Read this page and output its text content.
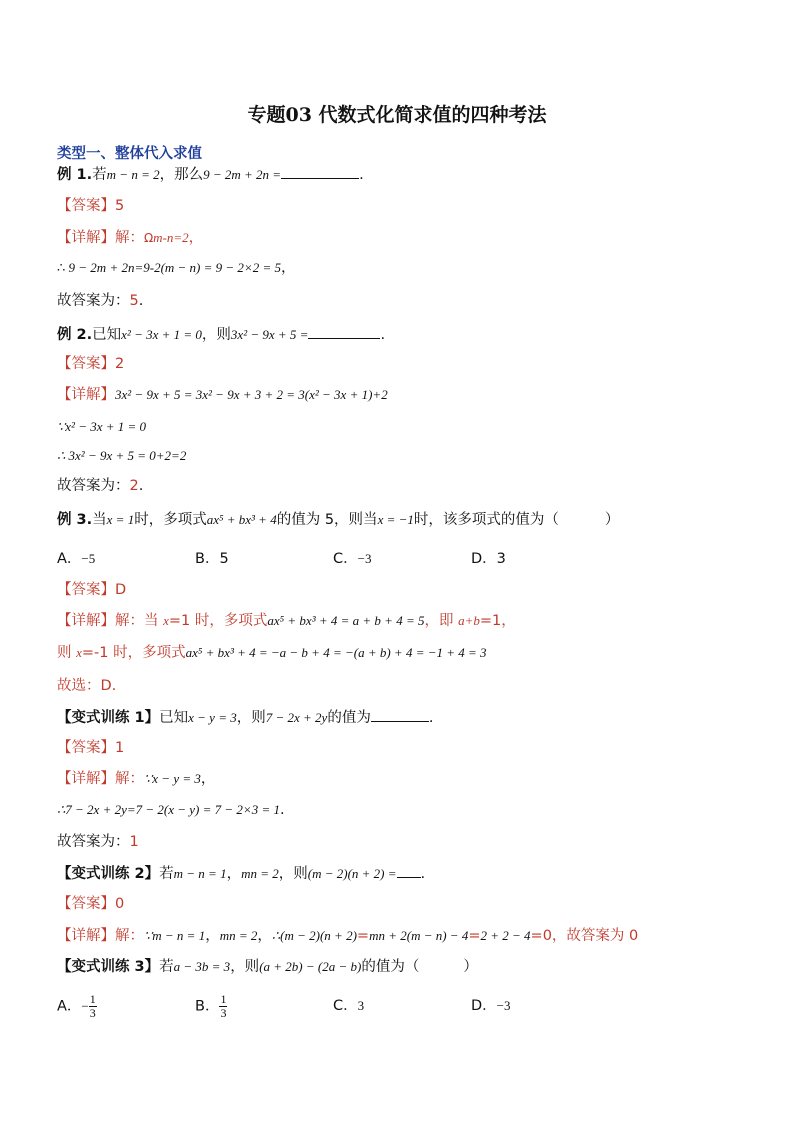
专题03 代数式化简求值的四种考法
类型一、整体代入求值
例 1.若m − n = 2，那么9 − 2m + 2n =	.
【答案】5
【详解】解：Ωm-n=2，
∴ 9 − 2m + 2n=9-2(m − n) = 9 − 2×2 = 5，
故答案为：5.
例 2.已知x² − 3x + 1 = 0，则3x² − 9x + 5 =	.
【答案】2
【详解】3x² − 9x + 5 = 3x² − 9x + 3 + 2 = 3(x² − 3x + 1)+2
∵x² − 3x + 1 = 0
∴ 3x² − 9x + 5 = 0+2=2
故答案为：2.
例 3.当x = 1时，多项式ax⁵ + bx³ + 4的值为 5，则当x = −1时，该多项式的值为（	）
A．−5	B．5	C．−3	D．3
【答案】D
【详解】解：当 x=1 时，多项式ax⁵ + bx³ + 4 = a + b + 4 = 5，即 a+b=1，
则 x=-1 时，多项式ax⁵ + bx³ + 4 = −a − b + 4 = −(a + b) + 4 = −1 + 4 = 3
故选：D.
【变式训练 1】已知x − y = 3，则7 − 2x + 2y的值为	.
【答案】1
【详解】解：∵x − y = 3，
∴7 − 2x + 2y=7 − 2(x − y) = 7 − 2×3 = 1.
故答案为：1
【变式训练 2】若m − n = 1，mn = 2，则(m − 2)(n + 2) = .
【答案】0
【详解】解：∵m − n = 1，mn = 2，∴(m − 2)(n + 2)=mn + 2(m − n) − 4=2 + 2 − 4=0，故答案为 0
【变式训练 3】若a − 3b = 3，则(a + 2b) − (2a − b)的值为（	）
A．− $\frac{1}{3}$	B． $\frac{1}{3}$	C．3	D．−3
